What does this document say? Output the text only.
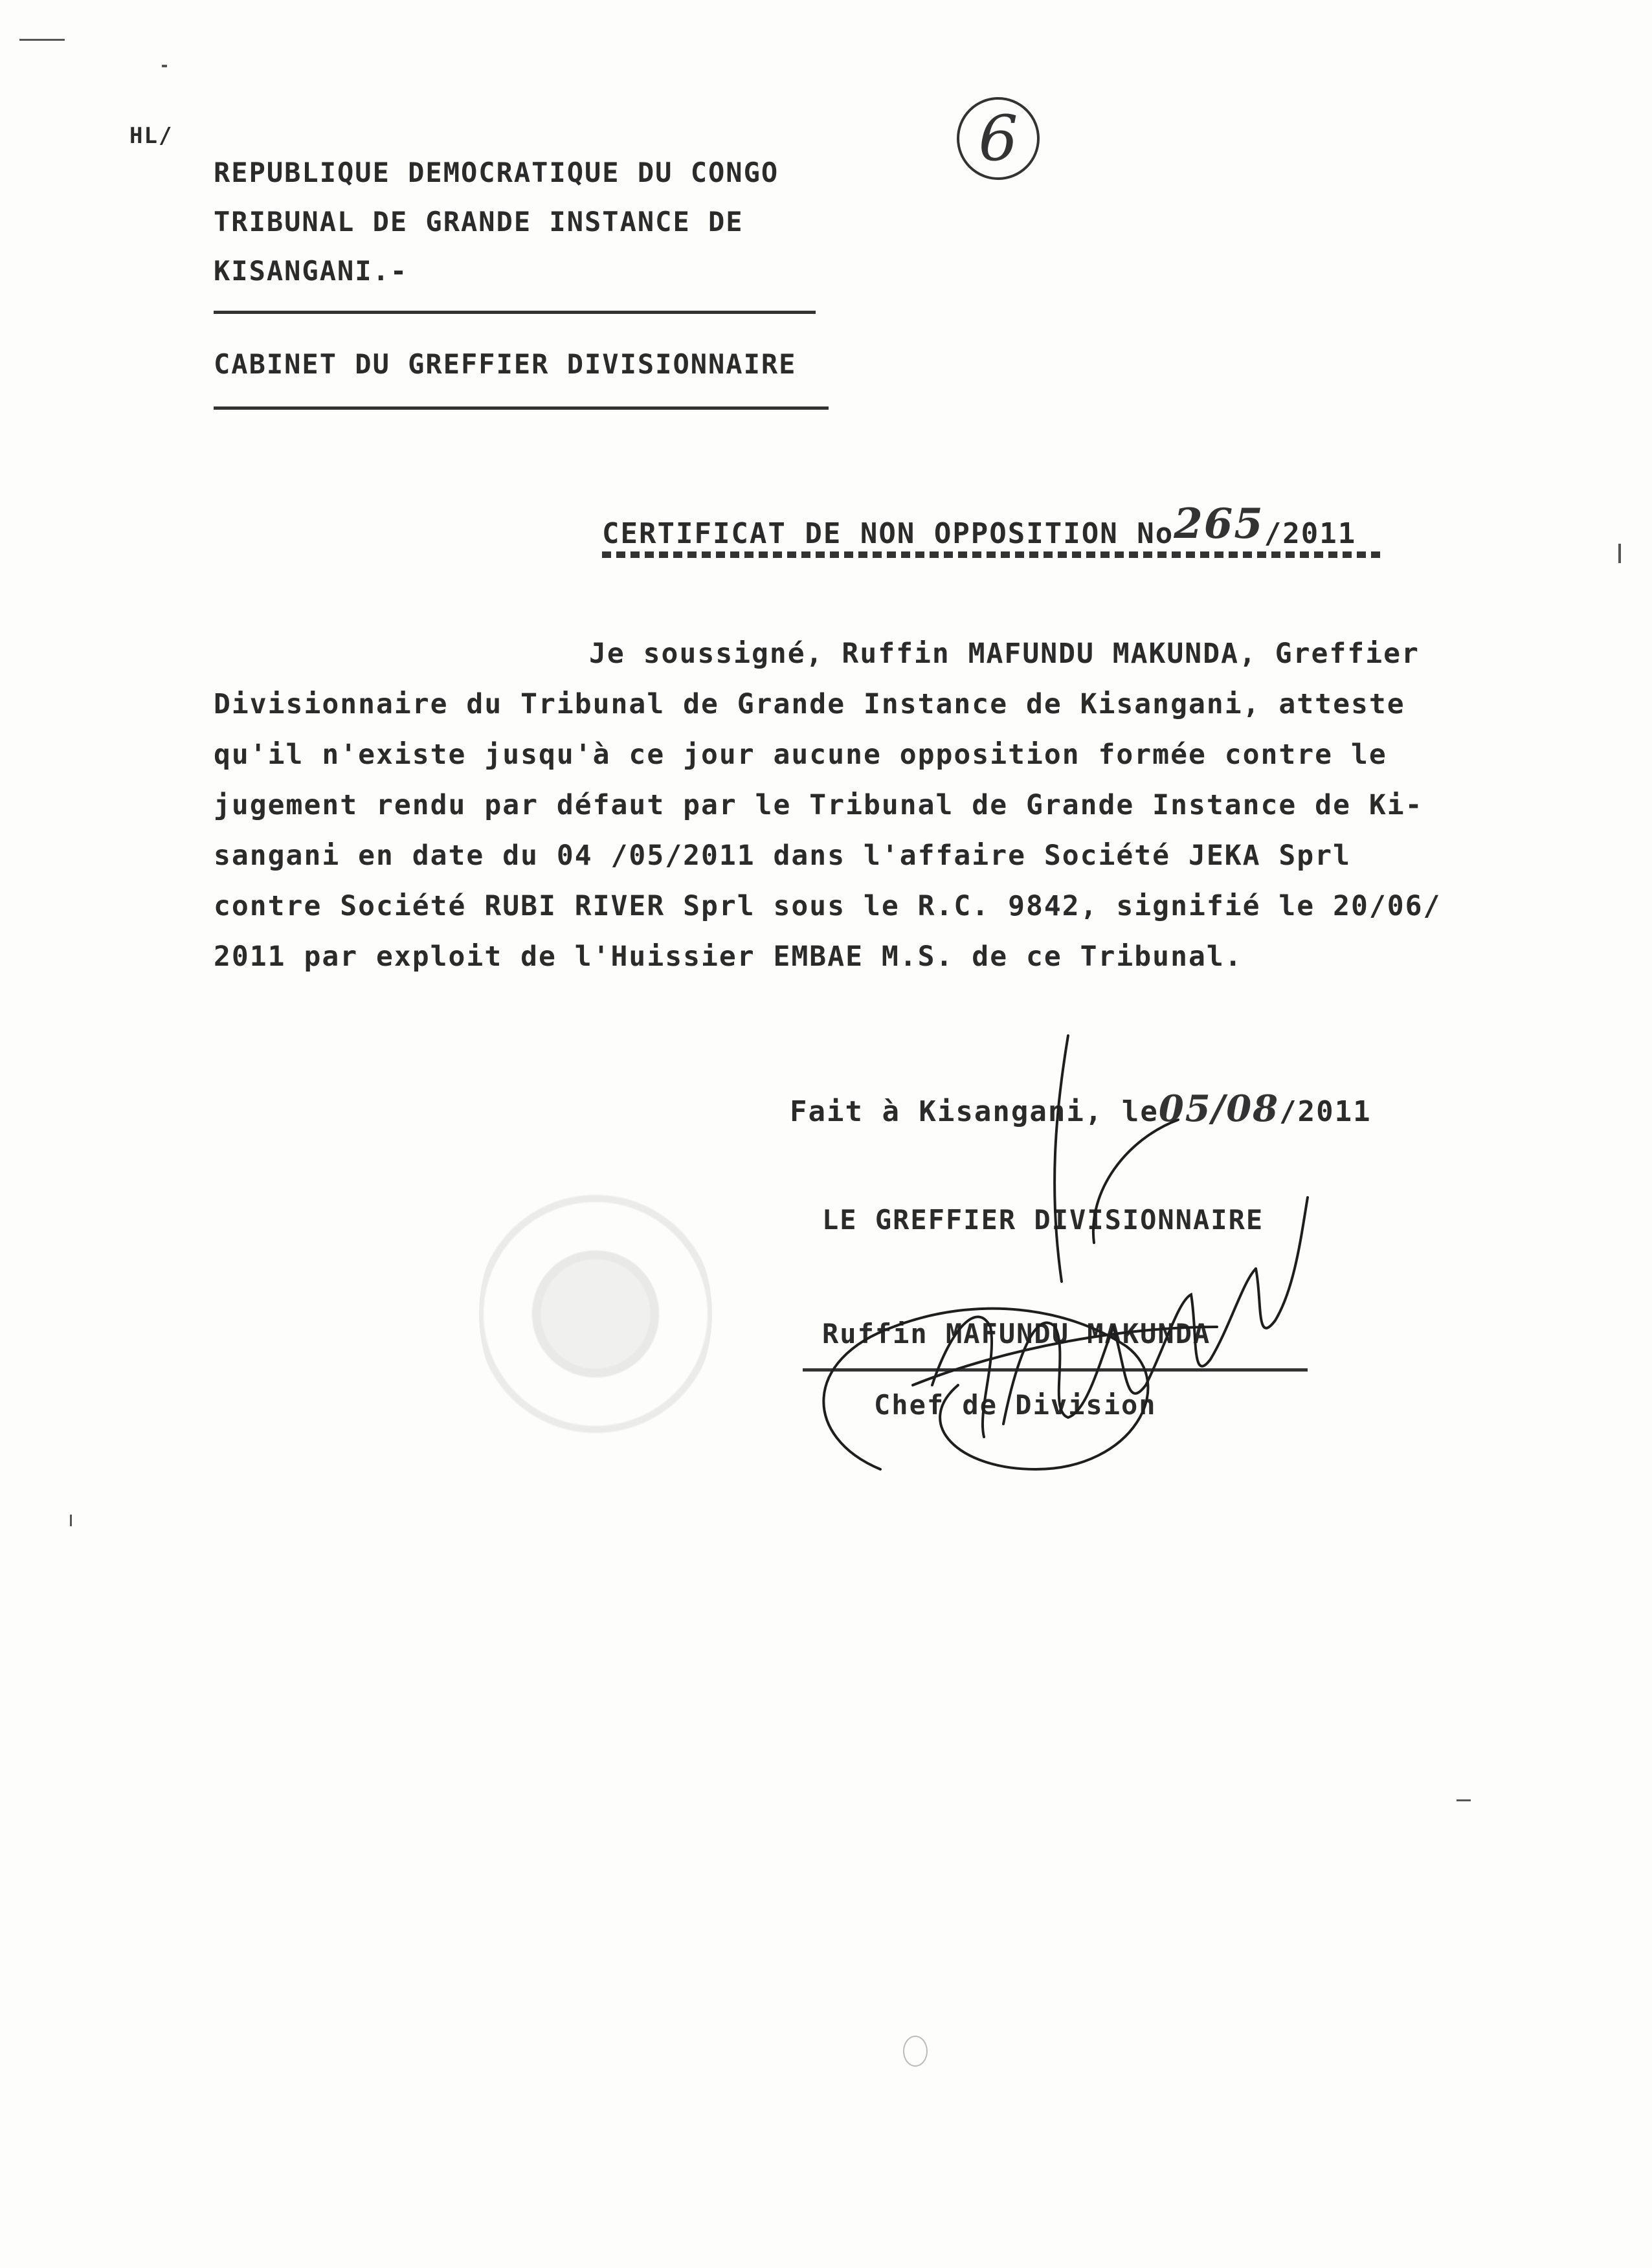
HL/	6
REPUBLIQUE DEMOCRATIQUE DU CONGO
TRIBUNAL DE GRANDE INSTANCE DE
KISANGANI.-
CABINET DU GREFFIER DIVISIONNAIRE
CERTIFICAT DE NON OPPOSITION No265/2011
Je soussigné, Ruffin MAFUNDU MAKUNDA, Greffier
Divisionnaire du Tribunal de Grande Instance de Kisangani, atteste
qu'il n'existe jusqu'à ce jour aucune opposition formée contre le
jugement rendu par défaut par le Tribunal de Grande Instance de Ki-
sangani en date du 04 /05/2011 dans l'affaire Société JEKA Sprl
contre Société RUBI RIVER Sprl sous le R.C. 9842, signifié le 20/06/
2011 par exploit de l'Huissier EMBAE M.S. de ce Tribunal.
Fait à Kisangani, le05/08/2011
LE GREFFIER DIVISIONNAIRE
Ruffin MAFUNDU MAKUNDA
Chef de Division
